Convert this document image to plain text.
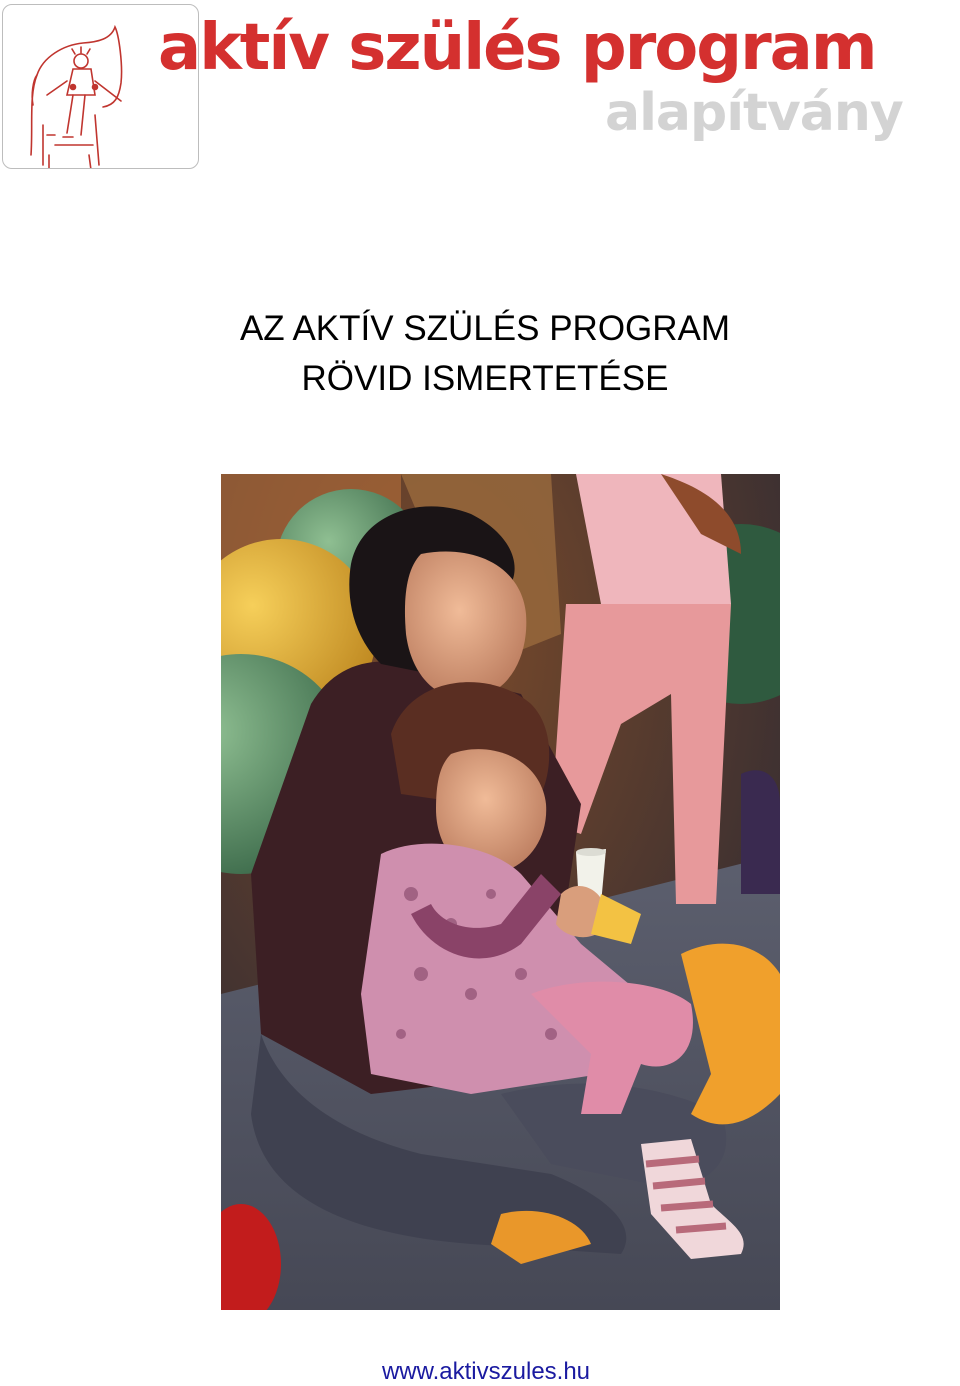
aktív szülés program
alapítvány
AZ AKTÍV SZÜLÉS PROGRAM
RÖVID ISMERTETÉSE
www.aktivszules.hu
